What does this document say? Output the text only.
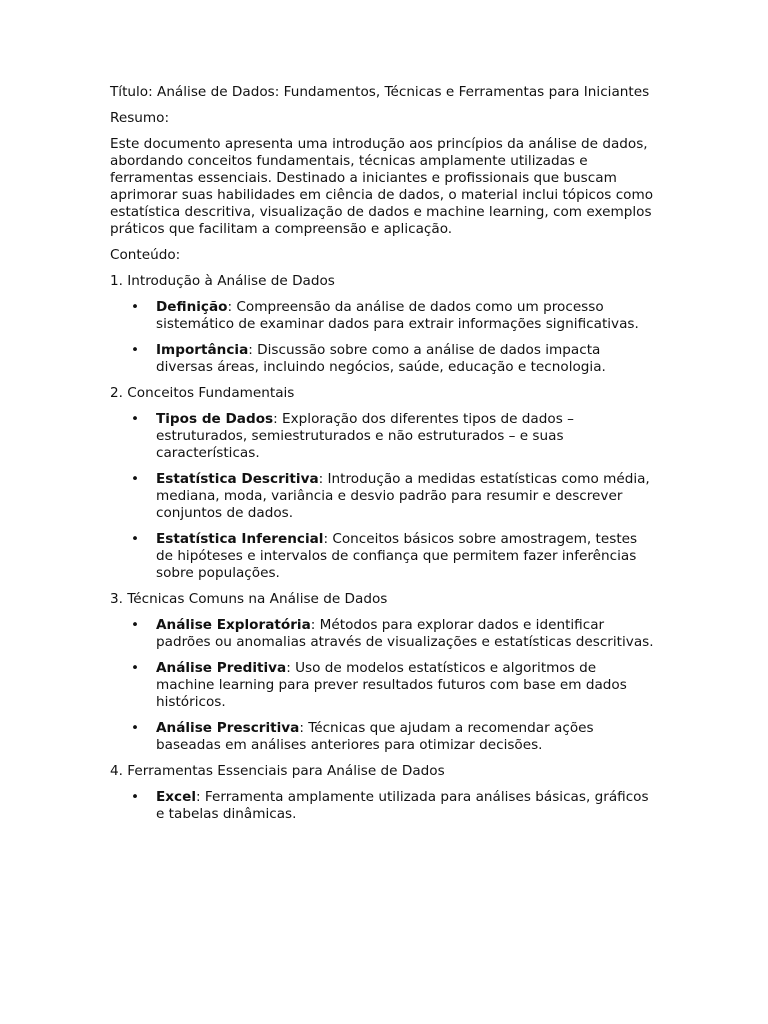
Título: Análise de Dados: Fundamentos, Técnicas e Ferramentas para Iniciantes

Resumo:

Este documento apresenta uma introdução aos princípios da análise de dados, abordando conceitos fundamentais, técnicas amplamente utilizadas e ferramentas essenciais. Destinado a iniciantes e profissionais que buscam aprimorar suas habilidades em ciência de dados, o material inclui tópicos como estatística descritiva, visualização de dados e machine learning, com exemplos práticos que facilitam a compreensão e aplicação.

Conteúdo:

1. Introdução à Análise de Dados

• Definição: Compreensão da análise de dados como um processo sistemático de examinar dados para extrair informações significativas.
• Importância: Discussão sobre como a análise de dados impacta diversas áreas, incluindo negócios, saúde, educação e tecnologia.

2. Conceitos Fundamentais

• Tipos de Dados: Exploração dos diferentes tipos de dados – estruturados, semiestruturados e não estruturados – e suas características.
• Estatística Descritiva: Introdução a medidas estatísticas como média, mediana, moda, variância e desvio padrão para resumir e descrever conjuntos de dados.
• Estatística Inferencial: Conceitos básicos sobre amostragem, testes de hipóteses e intervalos de confiança que permitem fazer inferências sobre populações.

3. Técnicas Comuns na Análise de Dados

• Análise Exploratória: Métodos para explorar dados e identificar padrões ou anomalias através de visualizações e estatísticas descritivas.
• Análise Preditiva: Uso de modelos estatísticos e algoritmos de machine learning para prever resultados futuros com base em dados históricos.
• Análise Prescritiva: Técnicas que ajudam a recomendar ações baseadas em análises anteriores para otimizar decisões.

4. Ferramentas Essenciais para Análise de Dados

• Excel: Ferramenta amplamente utilizada para análises básicas, gráficos e tabelas dinâmicas.
